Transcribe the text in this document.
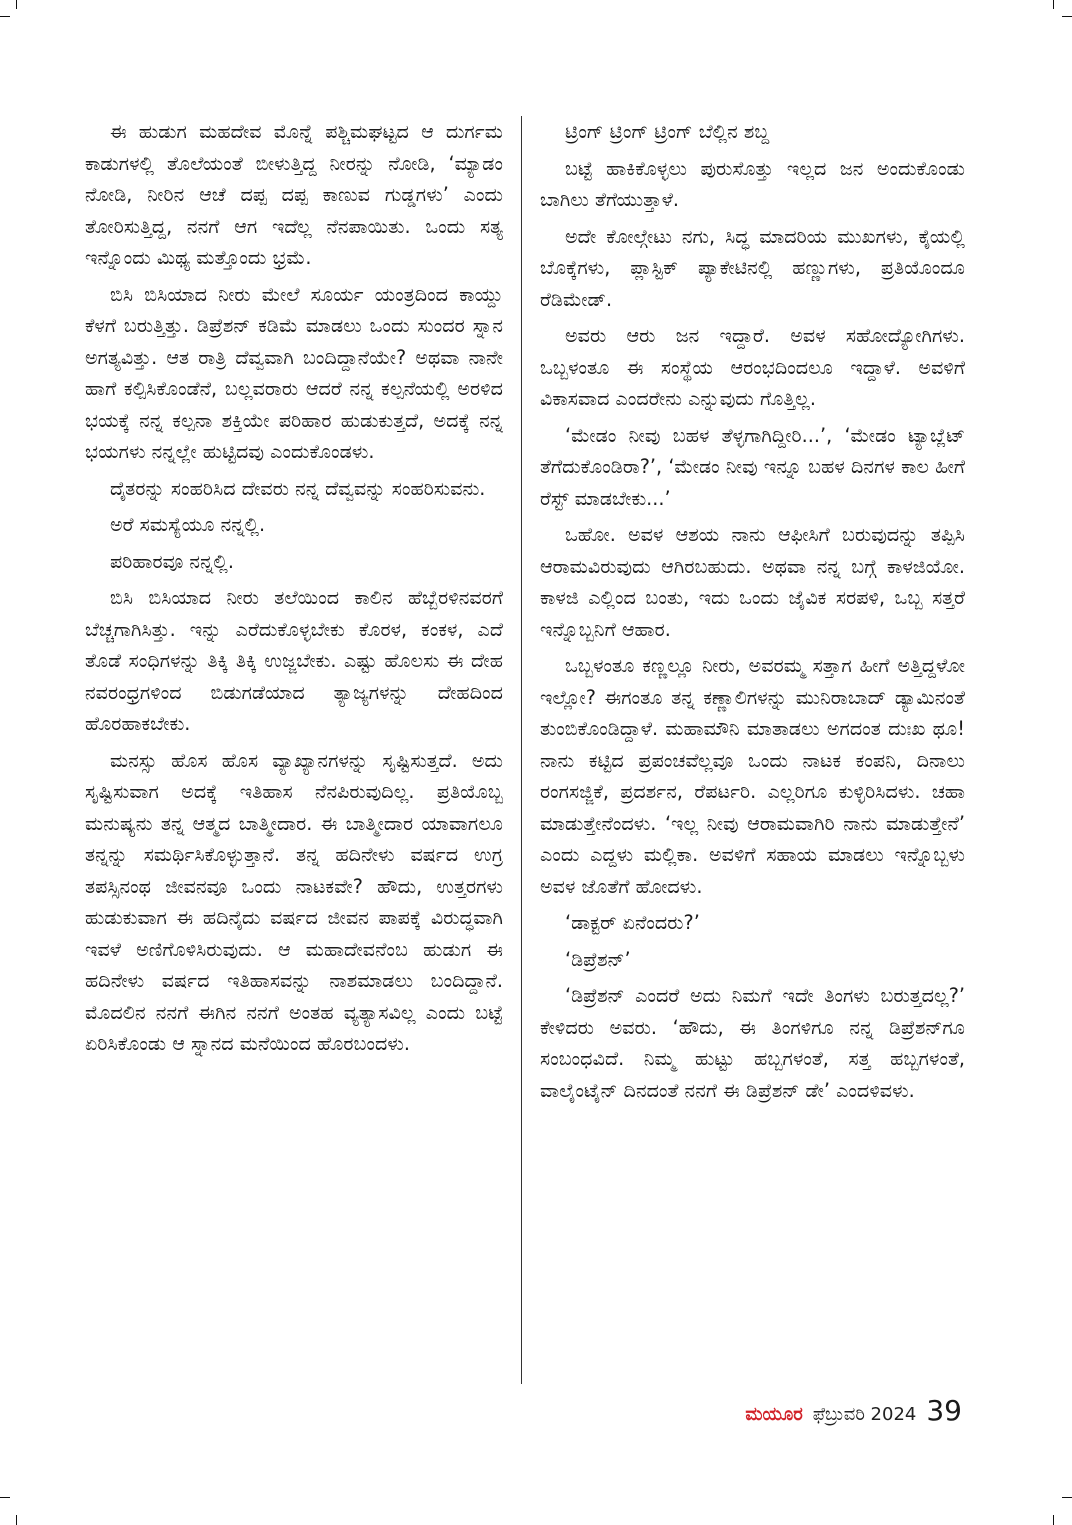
ಈ ಹುಡುಗ ಮಹದೇವ ಮೊನ್ನೆ ಪಶ್ಚಿಮಘಟ್ಟದ ಆ ದುರ್ಗಮ ಕಾಡುಗಳಲ್ಲಿ ತೊಲೆಯಂತೆ ಬೀಳುತ್ತಿದ್ದ ನೀರನ್ನು ನೋಡಿ, ‘ಮ್ಯಾಡಂ ನೋಡಿ, ನೀರಿನ ಆಚೆ ದಪ್ಪ ದಪ್ಪ ಕಾಣುವ ಗುಡ್ಡಗಳು’ ಎಂದು ತೋರಿಸುತ್ತಿದ್ದ, ನನಗೆ ಆಗ ಇದೆಲ್ಲ ನೆನಪಾಯಿತು. ಒಂದು ಸತ್ಯ ಇನ್ನೊಂದು ಮಿಥ್ಯ ಮತ್ತೊಂದು ಭ್ರಮೆ.

ಬಿಸಿ ಬಿಸಿಯಾದ ನೀರು ಮೇಲೆ ಸೂರ್ಯ ಯಂತ್ರದಿಂದ ಕಾಯ್ದು ಕೆಳಗೆ ಬರುತ್ತಿತ್ತು. ಡಿಪ್ರೆಶನ್ ಕಡಿಮೆ ಮಾಡಲು ಒಂದು ಸುಂದರ ಸ್ನಾನ ಅಗತ್ಯವಿತ್ತು. ಆತ ರಾತ್ರಿ ದೆವ್ವವಾಗಿ ಬಂದಿದ್ದಾನೆಯೇ? ಅಥವಾ ನಾನೇ ಹಾಗೆ ಕಲ್ಪಿಸಿಕೊಂಡೆನೆ, ಬಲ್ಲವರಾರು ಆದರೆ ನನ್ನ ಕಲ್ಪನೆಯಲ್ಲಿ ಅರಳಿದ ಭಯಕ್ಕೆ ನನ್ನ ಕಲ್ಪನಾ ಶಕ್ತಿಯೇ ಪರಿಹಾರ ಹುಡುಕುತ್ತದೆ, ಅದಕ್ಕೆ ನನ್ನ ಭಯಗಳು ನನ್ನಲ್ಲೇ ಹುಟ್ಟಿದವು ಎಂದುಕೊಂಡಳು.

ದೈತರನ್ನು ಸಂಹರಿಸಿದ ದೇವರು ನನ್ನ ದೆವ್ವವನ್ನು ಸಂಹರಿಸುವನು.

ಅರೆ ಸಮಸ್ಯೆಯೂ ನನ್ನಲ್ಲಿ.

ಪರಿಹಾರವೂ ನನ್ನಲ್ಲಿ.

ಬಿಸಿ ಬಿಸಿಯಾದ ನೀರು ತಲೆಯಿಂದ ಕಾಲಿನ ಹೆಬ್ಬೆರಳಿನವರಗೆ ಬೆಚ್ಚಗಾಗಿಸಿತ್ತು. ಇನ್ನು ಎರೆದುಕೊಳ್ಳಬೇಕು ಕೊರಳ, ಕಂಕಳ, ಎದೆ ತೊಡೆ ಸಂಧಿಗಳನ್ನು ತಿಕ್ಕಿ ತಿಕ್ಕಿ ಉಜ್ಜಬೇಕು. ಎಷ್ಟು ಹೊಲಸು ಈ ದೇಹ ನವರಂಧ್ರಗಳಿಂದ ಬಿಡುಗಡೆಯಾದ ತ್ಯಾಜ್ಯಗಳನ್ನು ದೇಹದಿಂದ ಹೊರಹಾಕಬೇಕು.

ಮನಸ್ಸು ಹೊಸ ಹೊಸ ವ್ಯಾಖ್ಯಾನಗಳನ್ನು ಸೃಷ್ಟಿಸುತ್ತದೆ. ಅದು ಸೃಷ್ಟಿಸುವಾಗ ಅದಕ್ಕೆ ಇತಿಹಾಸ ನೆನಪಿರುವುದಿಲ್ಲ. ಪ್ರತಿಯೊಬ್ಬ ಮನುಷ್ಯನು ತನ್ನ ಆತ್ಮದ ಬಾತ್ಮೀದಾರ. ಈ ಬಾತ್ಮೀದಾರ ಯಾವಾಗಲೂ ತನ್ನನ್ನು ಸಮರ್ಥಿಸಿಕೊಳ್ಳುತ್ತಾನೆ. ತನ್ನ ಹದಿನೇಳು ವರ್ಷದ ಉಗ್ರ ತಪಸ್ಸಿನಂಥ ಜೀವನವೂ ಒಂದು ನಾಟಕವೇ? ಹೌದು, ಉತ್ತರಗಳು ಹುಡುಕುವಾಗ ಈ ಹದಿನೈದು ವರ್ಷದ ಜೀವನ ಪಾಪಕ್ಕೆ ವಿರುದ್ಧವಾಗಿ ಇವಳೆ ಅಣಿಗೊಳಿಸಿರುವುದು. ಆ ಮಹಾದೇವನೆಂಬ ಹುಡುಗ ಈ ಹದಿನೇಳು ವರ್ಷದ ಇತಿಹಾಸವನ್ನು ನಾಶಮಾಡಲು ಬಂದಿದ್ದಾನೆ. ಮೊದಲಿನ ನನಗೆ ಈಗಿನ ನನಗೆ ಅಂತಹ ವ್ಯತ್ಯಾಸವಿಲ್ಲ ಎಂದು ಬಟ್ಟೆ ಏರಿಸಿಕೊಂಡು ಆ ಸ್ನಾನದ ಮನೆಯಿಂದ ಹೊರಬಂದಳು.

ಟ್ರಿಂಗ್ ಟ್ರಿಂಗ್ ಟ್ರಿಂಗ್ ಬೆಲ್ಲಿನ ಶಬ್ದ

ಬಟ್ಟೆ ಹಾಕಿಕೊಳ್ಳಲು ಪುರುಸೊತ್ತು ಇಲ್ಲದ ಜನ ಅಂದುಕೊಂಡು ಬಾಗಿಲು ತೆಗೆಯುತ್ತಾಳೆ.

ಅದೇ ಕೋಲ್ಗೇಟು ನಗು, ಸಿದ್ಧ ಮಾದರಿಯ ಮುಖಗಳು, ಕೈಯಲ್ಲಿ ಬೊಕ್ಕೆಗಳು, ಪ್ಲಾಸ್ಟಿಕ್ ಪ್ಯಾಕೇಟಿನಲ್ಲಿ ಹಣ್ಣುಗಳು, ಪ್ರತಿಯೊಂದೂ ರೆಡಿಮೇಡ್.

ಅವರು ಆರು ಜನ ಇದ್ದಾರೆ. ಅವಳ ಸಹೋದ್ಯೋಗಿಗಳು. ಒಬ್ಬಳಂತೂ ಈ ಸಂಸ್ಥೆಯ ಆರಂಭದಿಂದಲೂ ಇದ್ದಾಳೆ. ಅವಳಿಗೆ ವಿಕಾಸವಾದ ಎಂದರೇನು ಎನ್ನುವುದು ಗೊತ್ತಿಲ್ಲ.

‘ಮೇಡಂ ನೀವು ಬಹಳ ತೆಳ್ಳಗಾಗಿದ್ದೀರಿ...’, ‘ಮೇಡಂ ಟ್ಯಾಬ್ಲೆಟ್ ತೆಗೆದುಕೊಂಡಿರಾ?’, ‘ಮೇಡಂ ನೀವು ಇನ್ನೂ ಬಹಳ ದಿನಗಳ ಕಾಲ ಹೀಗೆ ರೆಸ್ಟ್ ಮಾಡಬೇಕು...’

ಒಹೋ. ಅವಳ ಆಶಯ ನಾನು ಆಫೀಸಿಗೆ ಬರುವುದನ್ನು ತಪ್ಪಿಸಿ ಆರಾಮವಿರುವುದು ಆಗಿರಬಹುದು. ಅಥವಾ ನನ್ನ ಬಗ್ಗೆ ಕಾಳಜಿಯೋ. ಕಾಳಜಿ ಎಲ್ಲಿಂದ ಬಂತು, ಇದು ಒಂದು ಜೈವಿಕ ಸರಪಳಿ, ಒಬ್ಬ ಸತ್ತರೆ ಇನ್ನೊಬ್ಬನಿಗೆ ಆಹಾರ.

ಒಬ್ಬಳಂತೂ ಕಣ್ಣಲ್ಲೂ ನೀರು, ಅವರಮ್ಮ ಸತ್ತಾಗ ಹೀಗೆ ಅತ್ತಿದ್ದಳೋ ಇಲ್ಲೋ? ಈಗಂತೂ ತನ್ನ ಕಣ್ಣಾಲಿಗಳನ್ನು ಮುನಿರಾಬಾದ್ ಡ್ಯಾಮಿನಂತೆ ತುಂಬಿಕೊಂಡಿದ್ದಾಳೆ. ಮಹಾಮೌನಿ ಮಾತಾಡಲು ಅಗದಂತ ದುಃಖ ಥೂ! ನಾನು ಕಟ್ಟಿದ ಪ್ರಪಂಚವೆಲ್ಲವೂ ಒಂದು ನಾಟಕ ಕಂಪನಿ, ದಿನಾಲು ರಂಗಸಜ್ಜಿಕೆ, ಪ್ರದರ್ಶನ, ರೆಪರ್ಟರಿ. ಎಲ್ಲರಿಗೂ ಕುಳ್ಳಿರಿಸಿದಳು. ಚಹಾ ಮಾಡುತ್ತೇನೆಂದಳು. ‘ಇಲ್ಲ ನೀವು ಆರಾಮವಾಗಿರಿ ನಾನು ಮಾಡುತ್ತೇನೆ’ ಎಂದು ಎದ್ದಳು ಮಲ್ಲಿಕಾ. ಅವಳಿಗೆ ಸಹಾಯ ಮಾಡಲು ಇನ್ನೊಬ್ಬಳು ಅವಳ ಜೊತೆಗೆ ಹೋದಳು.

‘ಡಾಕ್ಟರ್ ಏನೆಂದರು?’

‘ಡಿಪ್ರೆಶನ್’

‘ಡಿಪ್ರೆಶನ್ ಎಂದರೆ ಅದು ನಿಮಗೆ ಇದೇ ತಿಂಗಳು ಬರುತ್ತದಲ್ಲ?’ ಕೇಳಿದರು ಅವರು. ‘ಹೌದು, ಈ ತಿಂಗಳಿಗೂ ನನ್ನ ಡಿಪ್ರೆಶನ್‌ಗೂ ಸಂಬಂಧವಿದೆ. ನಿಮ್ಮ ಹುಟ್ಟು ಹಬ್ಬಗಳಂತೆ, ಸತ್ತ ಹಬ್ಬಗಳಂತೆ, ವಾಲೈಂಟೈನ್ ದಿನದಂತೆ ನನಗೆ ಈ ಡಿಪ್ರೆಶನ್ ಡೇ’ ಎಂದಳಿವಳು.

ಮಯೂರ ಫೆಬ್ರುವರಿ 2024 39
